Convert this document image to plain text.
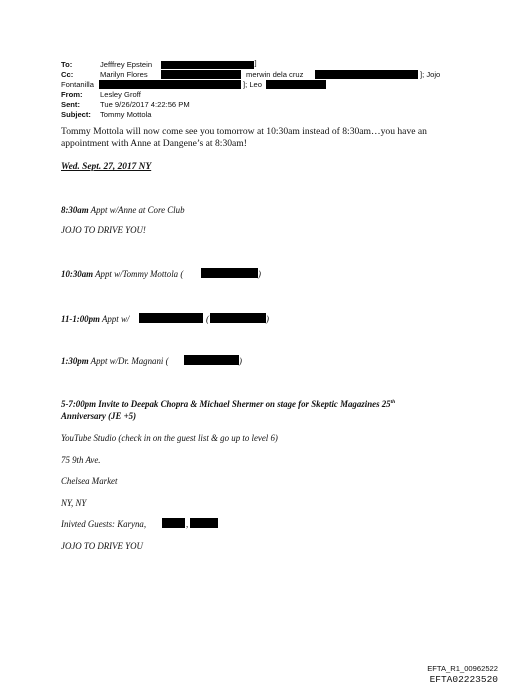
To:	Jefffrey Epstein	]
Cc:	Marilyn Flores	merwin dela cruz	]; Jojo
Fontanilla	]; Leo
From: Lesley Groff
Sent:	Tue 9/26/2017 4:22:56 PM
Subject: Tommy Mottola
Tommy Mottola will now come see you tomorrow at 10:30am instead of 8:30am…you have an appointment with Anne at Dangene’s at 8:30am!
Wed. Sept. 27, 2017 NY
8:30am Appt w/Anne at Core Club
JOJO TO DRIVE YOU!
10:30am Appt w/Tommy Mottola (	)
11-1:00pm Appt w/	(	)
1:30pm Appt w/Dr. Magnani (	)
5-7:00pm Invite to Deepak Chopra & Michael Shermer on stage for Skeptic Magazines 25th
Anniversary (JE +5)
YouTube Studio (check in on the guest list & go up to level 6)
75 9th Ave.
Chelsea Market
NY, NY
Inivted Guests: Karyna,	,
JOJO TO DRIVE YOU
EFTA_R1_00962522
EFTA02223520
